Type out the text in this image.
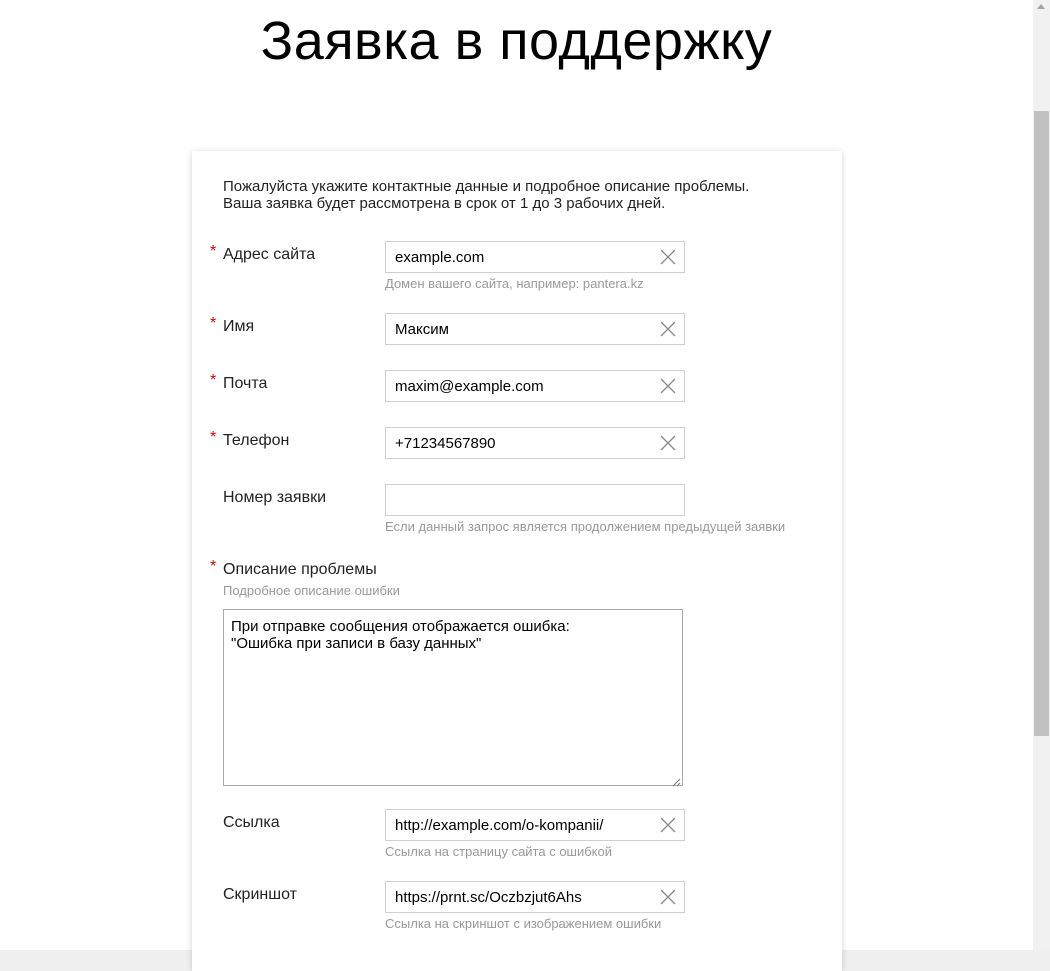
Заявка в поддержку
Пожалуйста укажите контактные данные и подробное описание проблемы.
Ваша заявка будет рассмотрена в срок от 1 до 3 рабочих дней.
* Адрес сайта
example.com
Домен вашего сайта, например: pantera.kz
* Имя
Максим
* Почта
maxim@example.com
* Телефон
+71234567890
Номер заявки
Если данный запрос является продолжением предыдущей заявки
* Описание проблемы
Подробное описание ошибки
При отправке сообщения отображается ошибка: "Ошибка при записи в базу данных"
Ссылка
http://example.com/o-kompanii/
Ссылка на страницу сайта с ошибкой
Скриншот
https://prnt.sc/Oczbzjut6Ahs
Ссылка на скриншот с изображением ошибки
